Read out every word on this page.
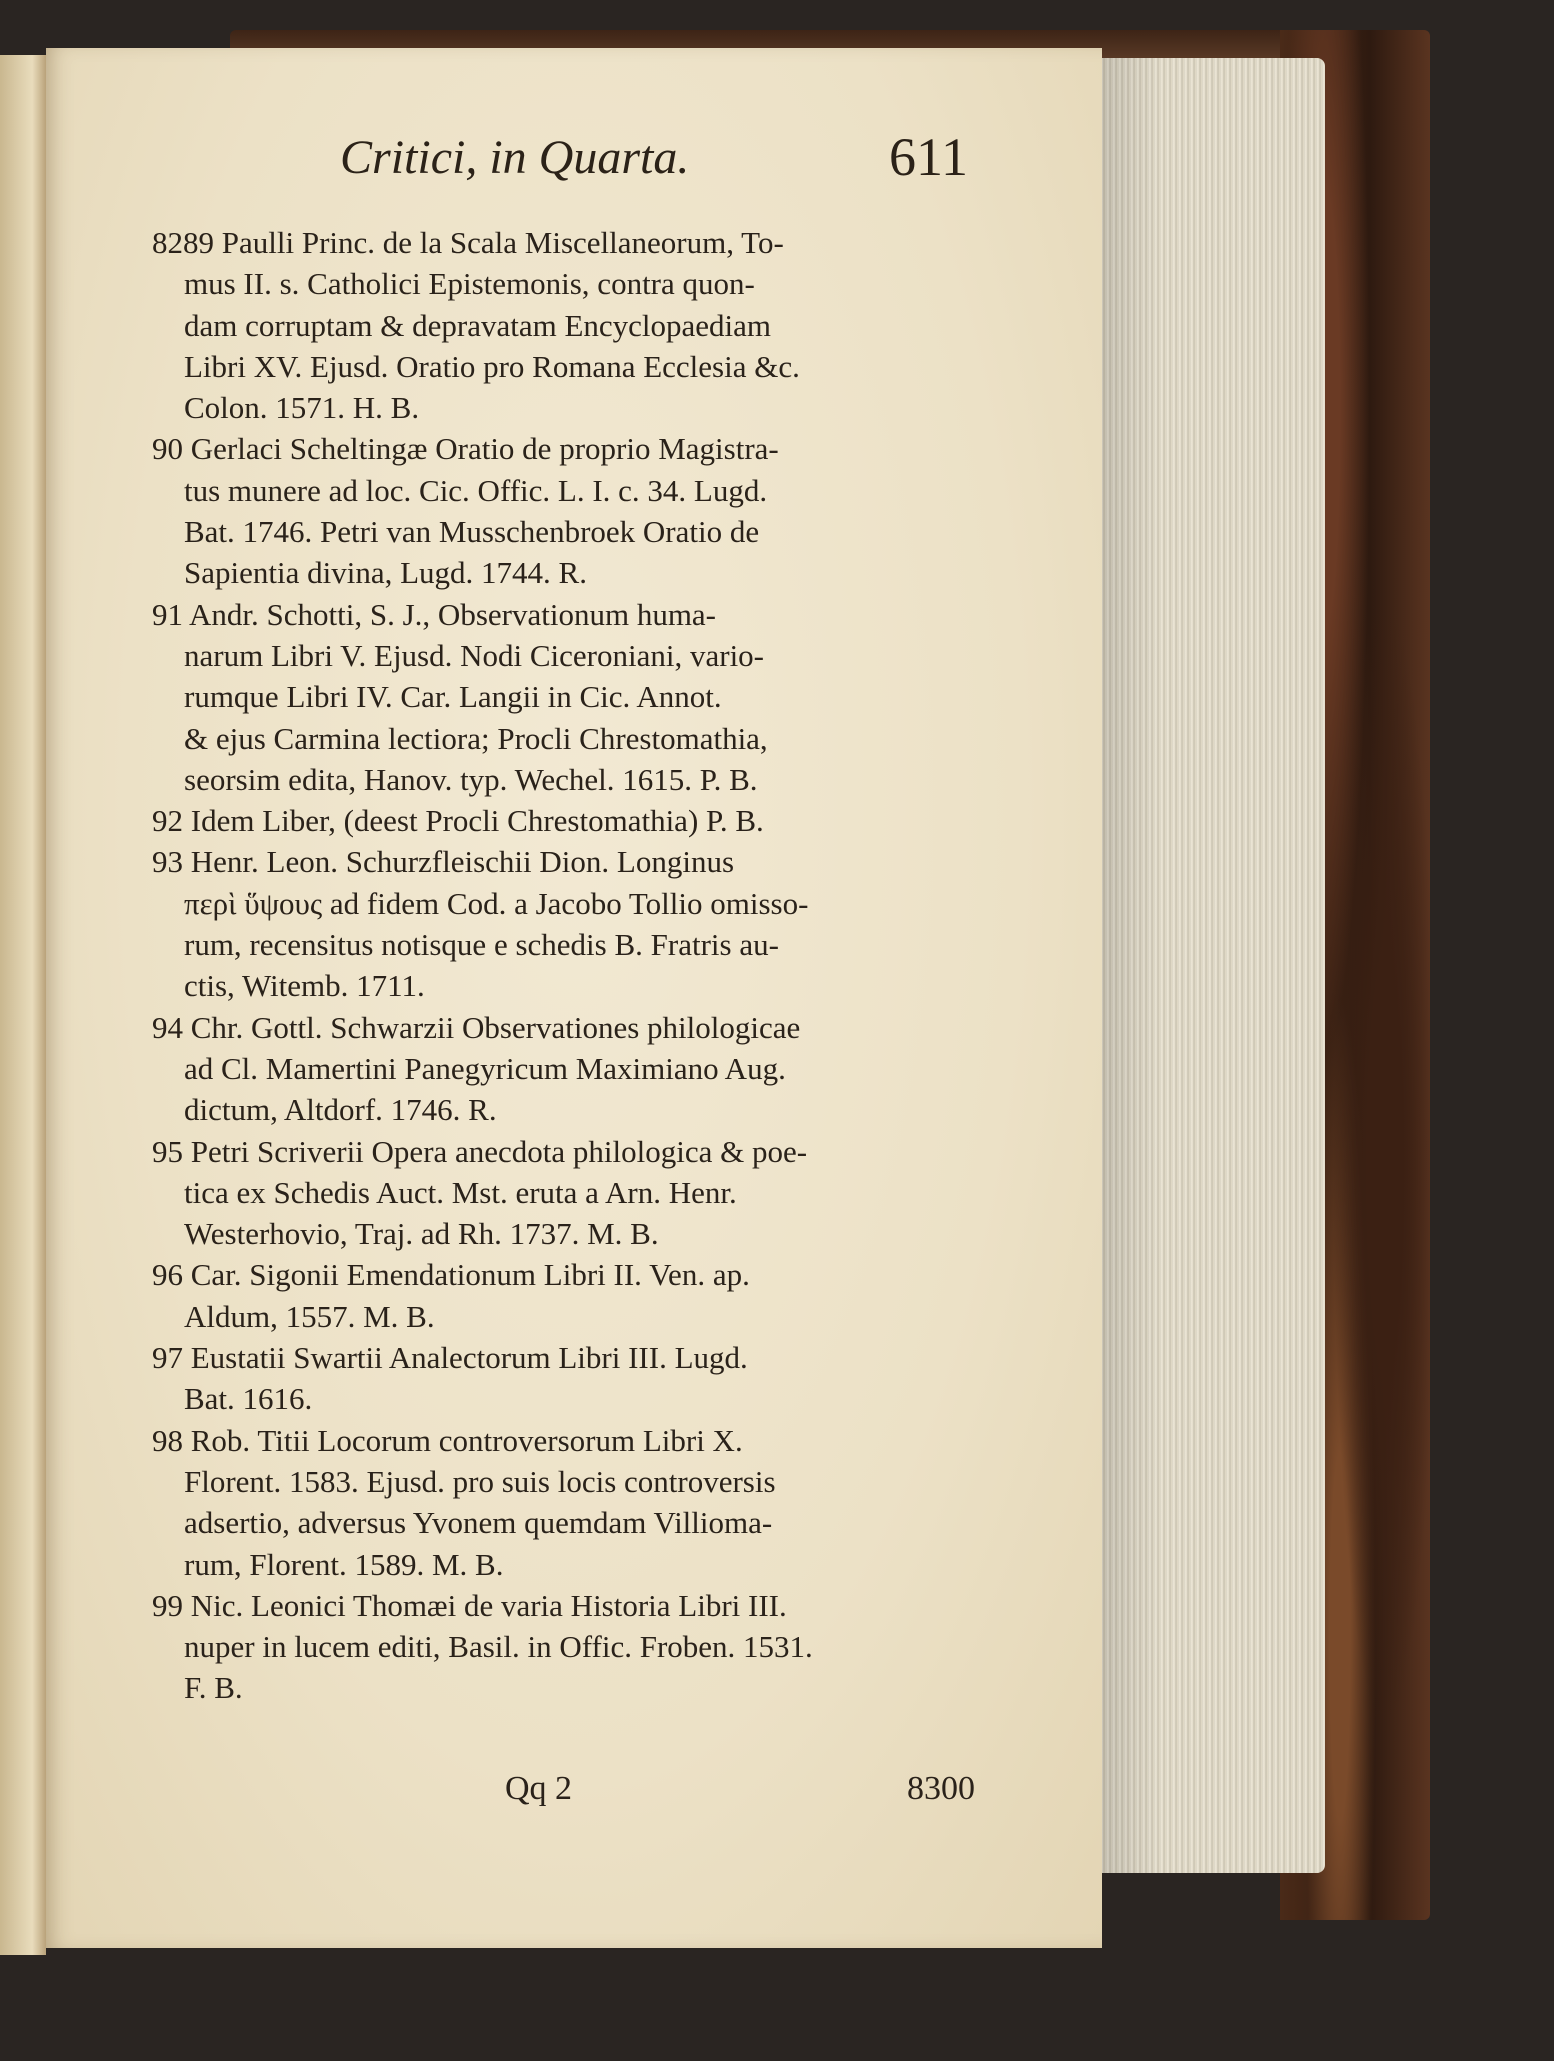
Critici, in Quarta.	611
8289 Paulli Princ. de la Scala Miscellaneorum, To-
mus II. s. Catholici Epistemonis, contra quon-
dam corruptam & depravatam Encyclopaediam
Libri XV. Ejusd. Oratio pro Romana Ecclesia &c.
Colon. 1571. H. B.
90 Gerlaci Scheltingæ Oratio de proprio Magistra-
tus munere ad loc. Cic. Offic. L. I. c. 34. Lugd.
Bat. 1746. Petri van Musschenbroek Oratio de
Sapientia divina, Lugd. 1744. R.
91 Andr. Schotti, S. J., Observationum huma-
narum Libri V. Ejusd. Nodi Ciceroniani, vario-
rumque Libri IV. Car. Langii in Cic. Annot.
& ejus Carmina lectiora; Procli Chrestomathia,
seorsim edita, Hanov. typ. Wechel. 1615. P. B.
92 Idem Liber, (deest Procli Chrestomathia) P. B.
93 Henr. Leon. Schurzfleischii Dion. Longinus
περὶ ὕψους ad fidem Cod. a Jacobo Tollio omisso-
rum, recensitus notisque e schedis B. Fratris au-
ctis, Witemb. 1711.
94 Chr. Gottl. Schwarzii Observationes philologicae
ad Cl. Mamertini Panegyricum Maximiano Aug.
dictum, Altdorf. 1746. R.
95 Petri Scriverii Opera anecdota philologica & poe-
tica ex Schedis Auct. Mst. eruta a Arn. Henr.
Westerhovio, Traj. ad Rh. 1737. M. B.
96 Car. Sigonii Emendationum Libri II. Ven. ap.
Aldum, 1557. M. B.
97 Eustatii Swartii Analectorum Libri III. Lugd.
Bat. 1616.
98 Rob. Titii Locorum controversorum Libri X.
Florent. 1583. Ejusd. pro suis locis controversis
adsertio, adversus Yvonem quemdam Villioma-
rum, Florent. 1589. M. B.
99 Nic. Leonici Thomæi de varia Historia Libri III.
nuper in lucem editi, Basil. in Offic. Froben. 1531.
F. B.
Qq 2	8300
